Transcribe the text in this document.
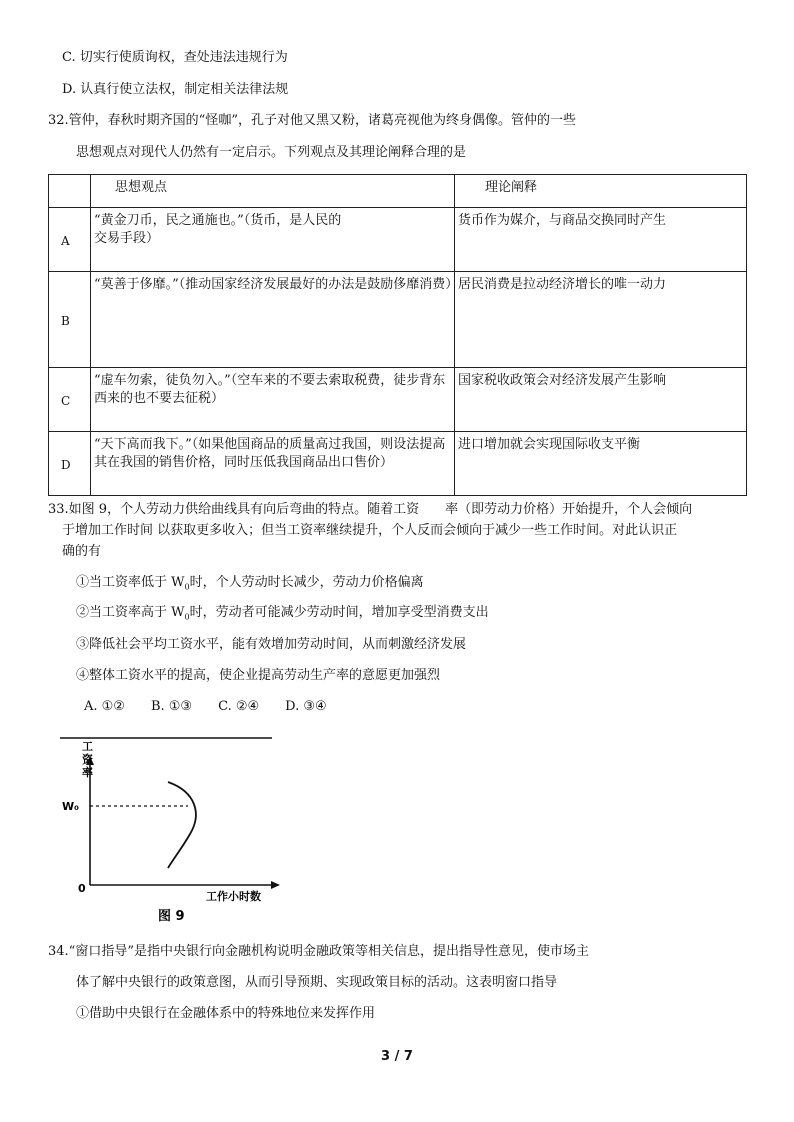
C. 切实行使质询权，查处违法违规行为
D. 认真行使立法权，制定相关法律法规
32.管仲，春秋时期齐国的“怪咖”，孔子对他又黑又粉，诸葛亮视他为终身偶像。管仲的一些
思想观点对现代人仍然有一定启示。下列观点及其理论阐释合理的是
	思想观点	理论阐释
A	“黄金刀币，民之通施也。”（货币，是人民的
交易手段）	货币作为媒介，与商品交换同时产生
B	“莫善于侈靡。”（推动国家经济发展最好的办法是鼓励侈靡消费）	居民消费是拉动经济增长的唯一动力
C	“虚车勿索，徒负勿入。”（空车来的不要去索取税费，徒步背东西来的也不要去征税）	国家税收政策会对经济发展产生影响
D	“天下高而我下。”（如果他国商品的质量高过我国，则设法提高其在我国的销售价格，同时压低我国商品出口售价）	进口增加就会实现国际收支平衡
33.如图 9，个人劳动力供给曲线具有向后弯曲的特点。随着工资　　率（即劳动力价格）开始提升，个人会倾向
于增加工作时间 以获取更多收入；但当工资率继续提升，个人反而会倾向于减少一些工作时间。对此认识正
确的有
①当工资率低于 $W_0$时，个人劳动时长减少，劳动力价格偏离
②当工资率高于 $W_0$时，劳动者可能减少劳动时间，增加享受型消费支出
③降低社会平均工资水平，能有效增加劳动时间，从而刺激经济发展
④整体工资水平的提高，使企业提高劳动生产率的意愿更加强烈
A. ①②　　B. ①③　　C. ②④　　D. ③④
工
资
率
W₀
0
工作小时数
图 9
34.“窗口指导”是指中央银行向金融机构说明金融政策等相关信息，提出指导性意见，使市场主
体了解中央银行的政策意图，从而引导预期、实现政策目标的活动。这表明窗口指导
①借助中央银行在金融体系中的特殊地位来发挥作用
3 / 7
